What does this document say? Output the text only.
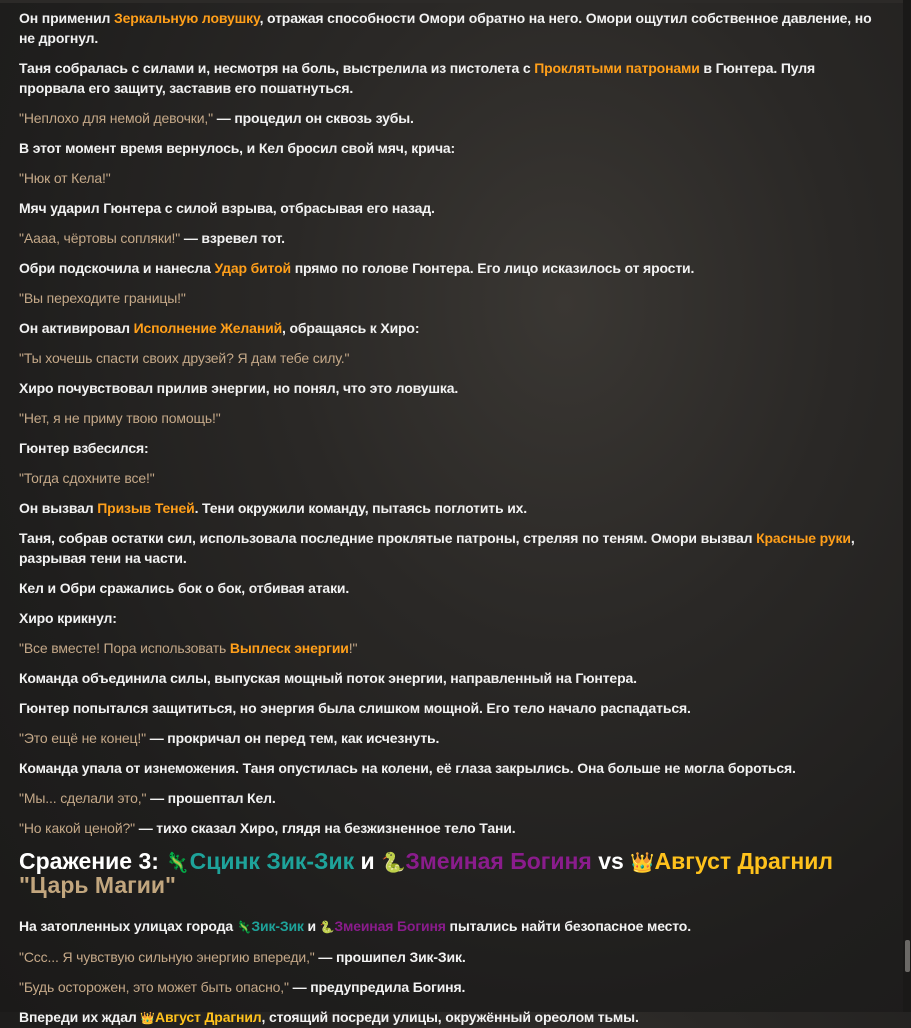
Он применил Зеркальную ловушку, отражая способности Омори обратно на него. Омори ощутил собственное давление, но не дрогнул.

Таня собралась с силами и, несмотря на боль, выстрелила из пистолета с Проклятыми патронами в Гюнтера. Пуля прорвала его защиту, заставив его пошатнуться.

"Неплохо для немой девочки," — процедил он сквозь зубы.

В этот момент время вернулось, и Кел бросил свой мяч, крича:

"Нюк от Кела!"

Мяч ударил Гюнтера с силой взрыва, отбрасывая его назад.

"Аааа, чёртовы сопляки!" — взревел тот.

Обри подскочила и нанесла Удар битой прямо по голове Гюнтера. Его лицо исказилось от ярости.

"Вы переходите границы!"

Он активировал Исполнение Желаний, обращаясь к Хиро:

"Ты хочешь спасти своих друзей? Я дам тебе силу."

Хиро почувствовал прилив энергии, но понял, что это ловушка.

"Нет, я не приму твою помощь!"

Гюнтер взбесился:

"Тогда сдохните все!"

Он вызвал Призыв Теней. Тени окружили команду, пытаясь поглотить их.

Таня, собрав остатки сил, использовала последние проклятые патроны, стреляя по теням. Омори вызвал Красные руки, разрывая тени на части.

Кел и Обри сражались бок о бок, отбивая атаки.

Хиро крикнул:

"Все вместе! Пора использовать Выплеск энергии!"

Команда объединила силы, выпуская мощный поток энергии, направленный на Гюнтера.

Гюнтер попытался защититься, но энергия была слишком мощной. Его тело начало распадаться.

"Это ещё не конец!" — прокричал он перед тем, как исчезнуть.

Команда упала от изнеможения. Таня опустилась на колени, её глаза закрылись. Она больше не могла бороться.

"Мы... сделали это," — прошептал Кел.

"Но какой ценой?" — тихо сказал Хиро, глядя на безжизненное тело Тани.

Сражение 3: 🦎Сцинк Зик-Зик и 🐍Змеиная Богиня vs 👑Август Драгнил "Царь Магии"

На затопленных улицах города 🦎Зик-Зик и 🐍Змеиная Богиня пытались найти безопасное место.

"Ссс... Я чувствую сильную энергию впереди," — прошипел Зик-Зик.

"Будь осторожен, это может быть опасно," — предупредила Богиня.

Впереди их ждал 👑Август Драгнил, стоящий посреди улицы, окружённый ореолом тьмы.
